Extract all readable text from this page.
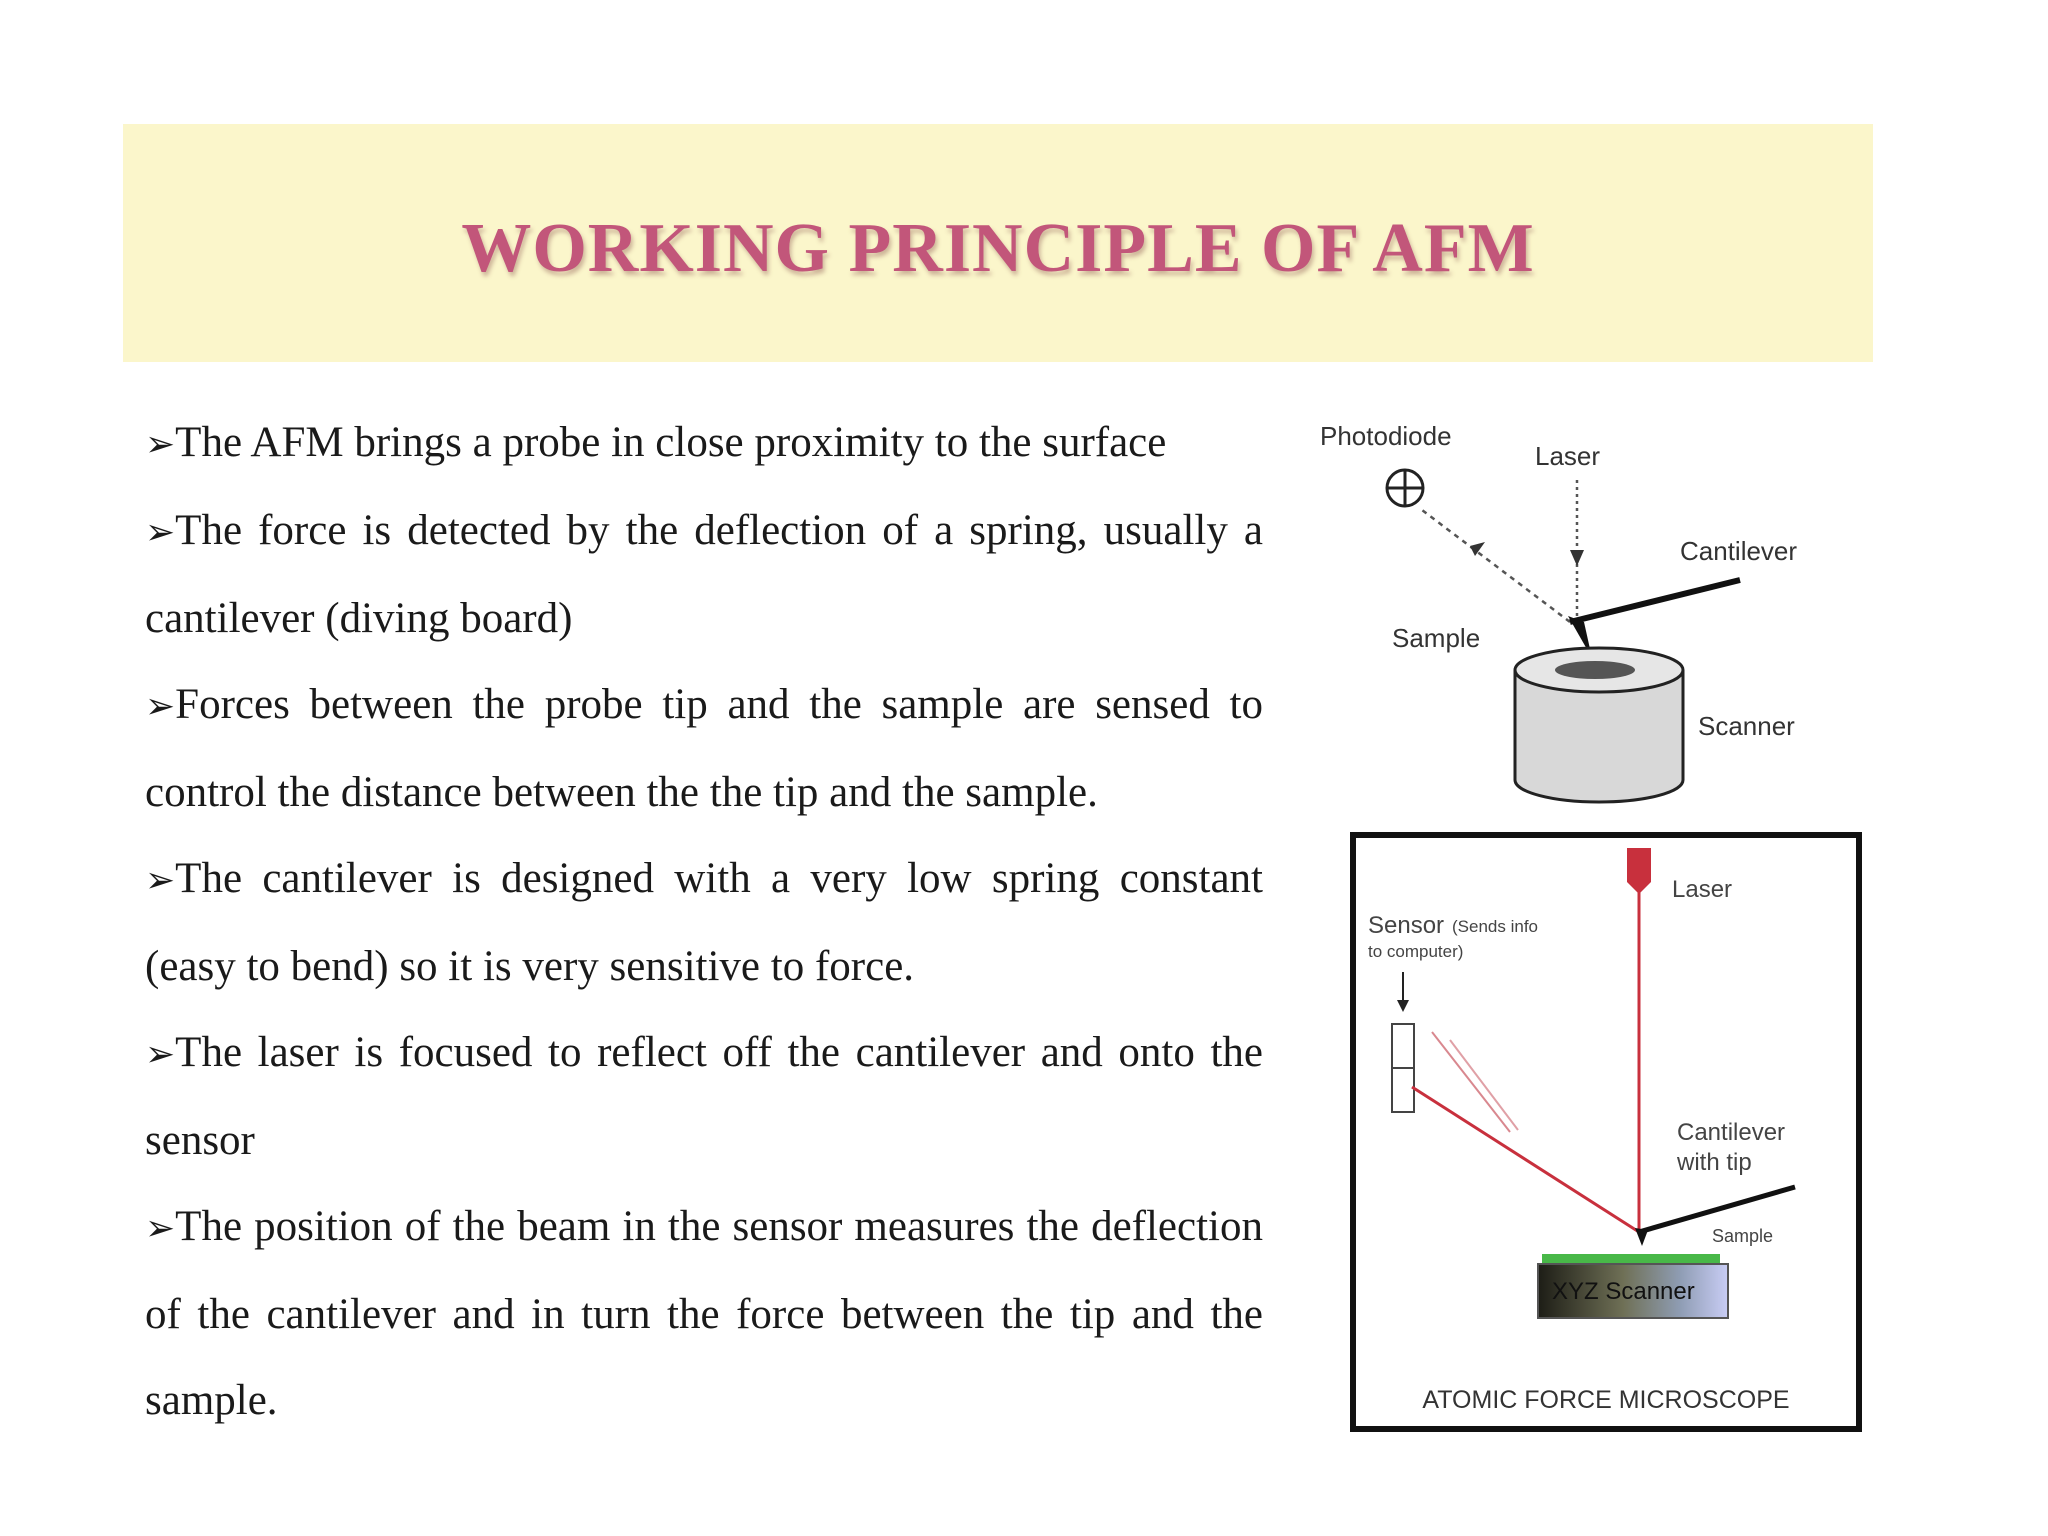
WORKING PRINCIPLE OF AFM
➢The AFM brings a probe in close proximity to the surface
➢The force is detected by the deflection of a spring, usually a cantilever (diving board)
➢Forces between the probe tip and the sample are sensed to control the distance between the the tip and the sample.
➢The cantilever is designed with a very low spring constant (easy to bend) so it is very sensitive to force.
➢The laser is focused to reflect off the cantilever and onto the sensor
➢The position of the beam in the sensor measures the deflection of the cantilever and in turn the force between the tip and the sample.
Photodiode
Laser
Cantilever
Sample
Scanner
Laser
Sensor (Sends info
to computer)
Cantilever
with tip
Sample
XYZ Scanner
ATOMIC FORCE MICROSCOPE
